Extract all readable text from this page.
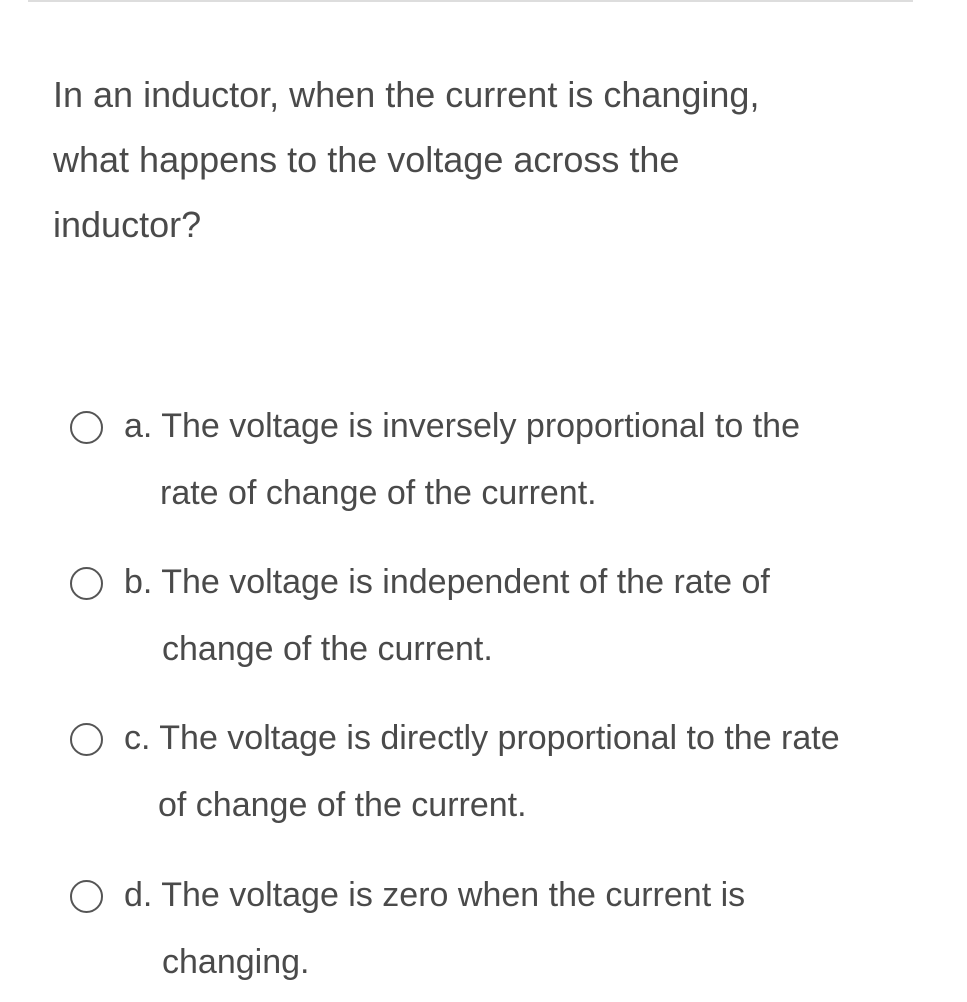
In an inductor, when the current is changing,
what happens to the voltage across the
inductor?
a. The voltage is inversely proportional to the
rate of change of the current.
b. The voltage is independent of the rate of
change of the current.
c. The voltage is directly proportional to the rate
of change of the current.
d. The voltage is zero when the current is
changing.
